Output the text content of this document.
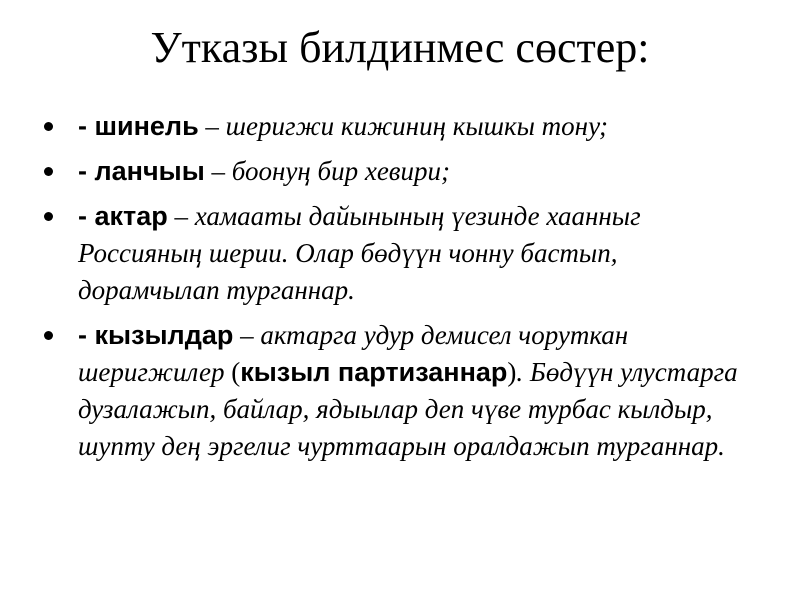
Утказы билдинмес сөстер:
- шинель – шеригжи кижиниң кышкы тону;
- ланчыы – боонуң бир хевири;
- актар – хамааты дайынының үезинде хаанныг Россияның шерии. Олар бөдүүн чонну бастып, дорамчылап турганнар.
- кызылдар – актарга удур демисел чоруткан шеригжилер (кызыл партизаннар). Бөдүүн улустарга дузалажып, байлар, ядыылар деп чүве турбас кылдыр, шупту деӊ эргелиг чурттаарын оралдажып турганнар.
